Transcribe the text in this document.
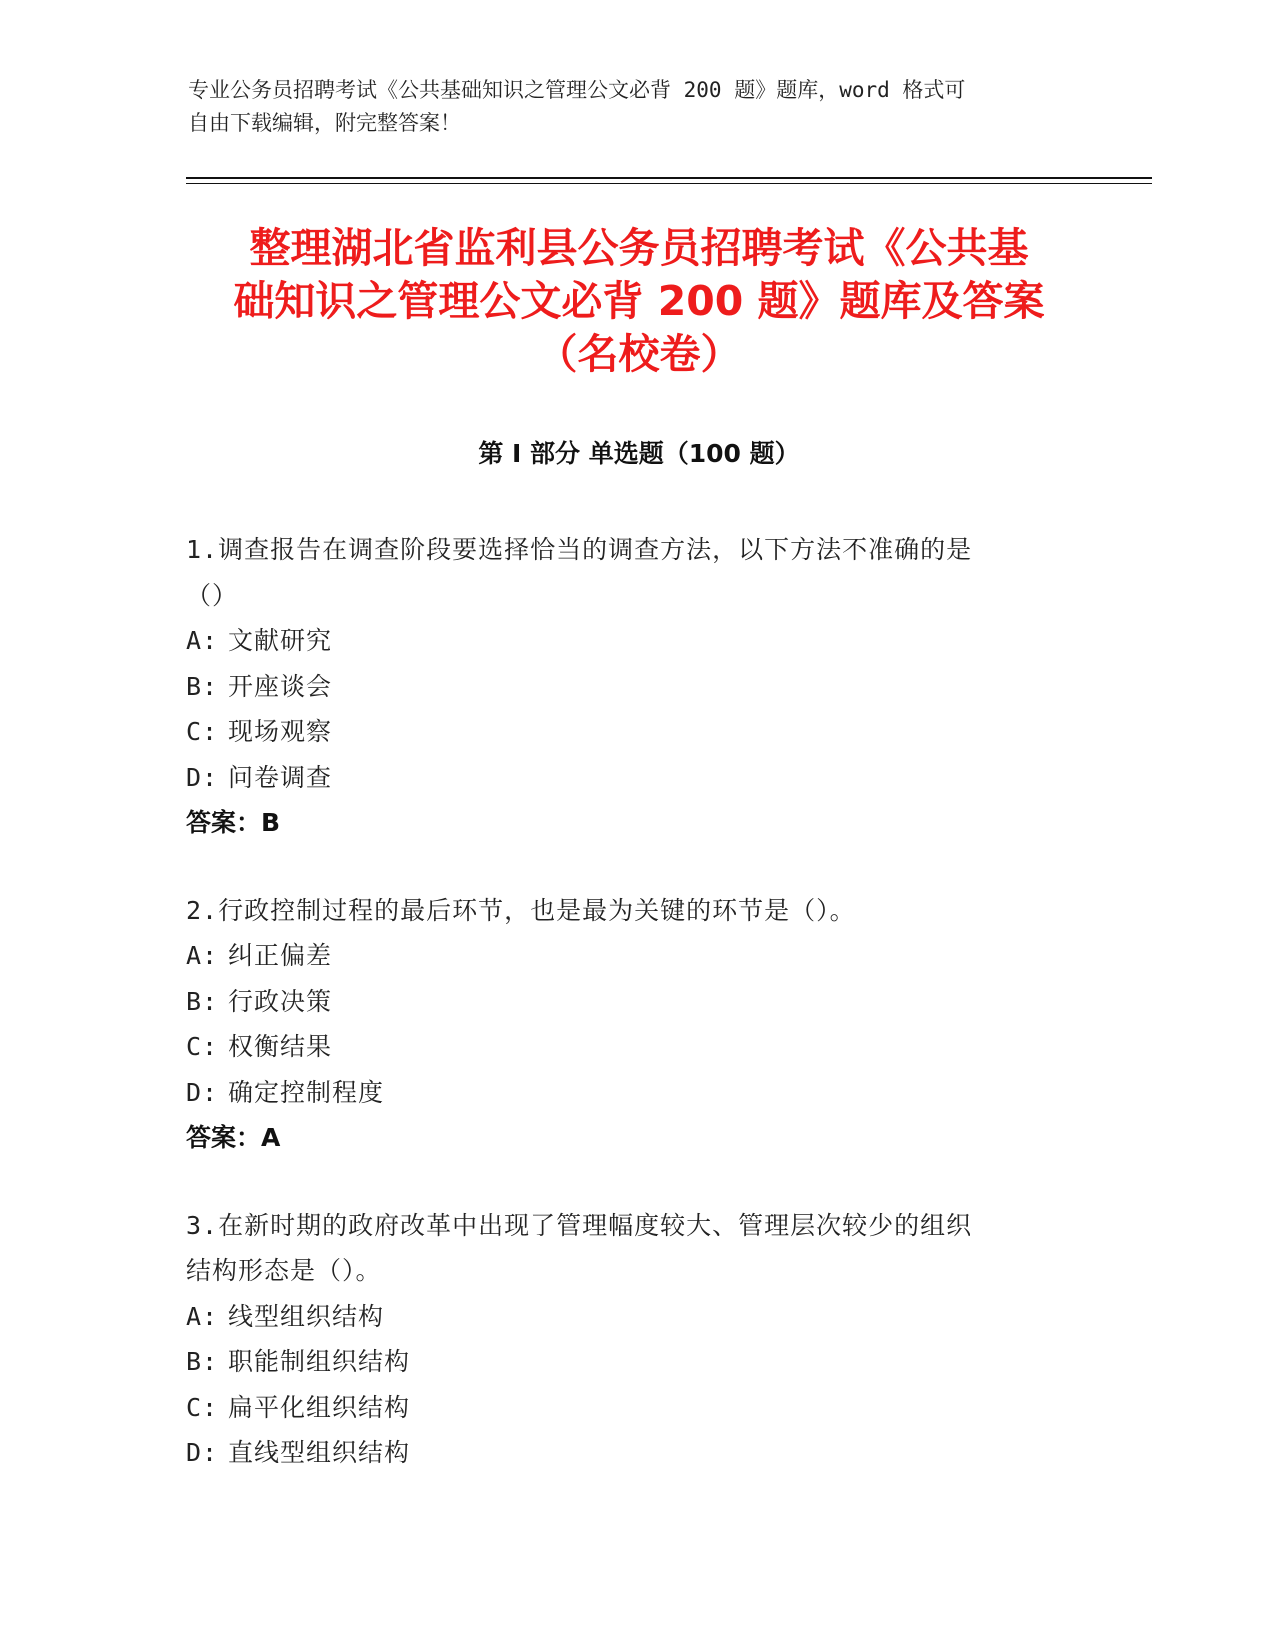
专业公务员招聘考试《公共基础知识之管理公文必背 200 题》题库，word 格式可
自由下载编辑，附完整答案！
整理湖北省监利县公务员招聘考试《公共基
础知识之管理公文必背 200 题》题库及答案
（名校卷）
第 I 部分 单选题（100 题）
1.调查报告在调查阶段要选择恰当的调查方法，以下方法不准确的是
（）
A: 文献研究
B: 开座谈会
C: 现场观察
D: 问卷调查
答案：B
2.行政控制过程的最后环节，也是最为关键的环节是（）。
A: 纠正偏差
B: 行政决策
C: 权衡结果
D: 确定控制程度
答案：A
3.在新时期的政府改革中出现了管理幅度较大、管理层次较少的组织
结构形态是（）。
A: 线型组织结构
B: 职能制组织结构
C: 扁平化组织结构
D: 直线型组织结构
